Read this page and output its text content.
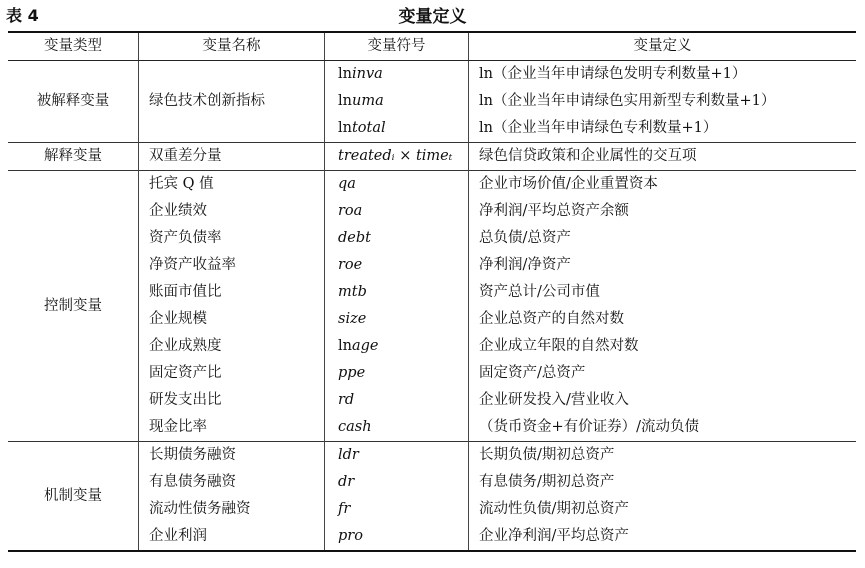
表 4	变量定义
变量类型	变量名称	变量符号	变量定义
被解释变量	绿色技术创新指标	lninva	ln（企业当年申请绿色发明专利数量+1）
		lnuma	ln（企业当年申请绿色实用新型专利数量+1）
		lntotal	ln（企业当年申请绿色专利数量+1）
解释变量	双重差分量	treatedᵢ × timeₜ	绿色信贷政策和企业属性的交互项
控制变量	托宾 Q 值	qa	企业市场价值/企业重置资本
	企业绩效	roa	净利润/平均总资产余额
	资产负债率	debt	总负债/总资产
	净资产收益率	roe	净利润/净资产
	账面市值比	mtb	资产总计/公司市值
	企业规模	size	企业总资产的自然对数
	企业成熟度	lnage	企业成立年限的自然对数
	固定资产比	ppe	固定资产/总资产
	研发支出比	rd	企业研发投入/营业收入
	现金比率	cash	（货币资金+有价证券）/流动负债
机制变量	长期债务融资	ldr	长期负债/期初总资产
	有息债务融资	dr	有息债务/期初总资产
	流动性债务融资	fr	流动性负债/期初总资产
	企业利润	pro	企业净利润/平均总资产
